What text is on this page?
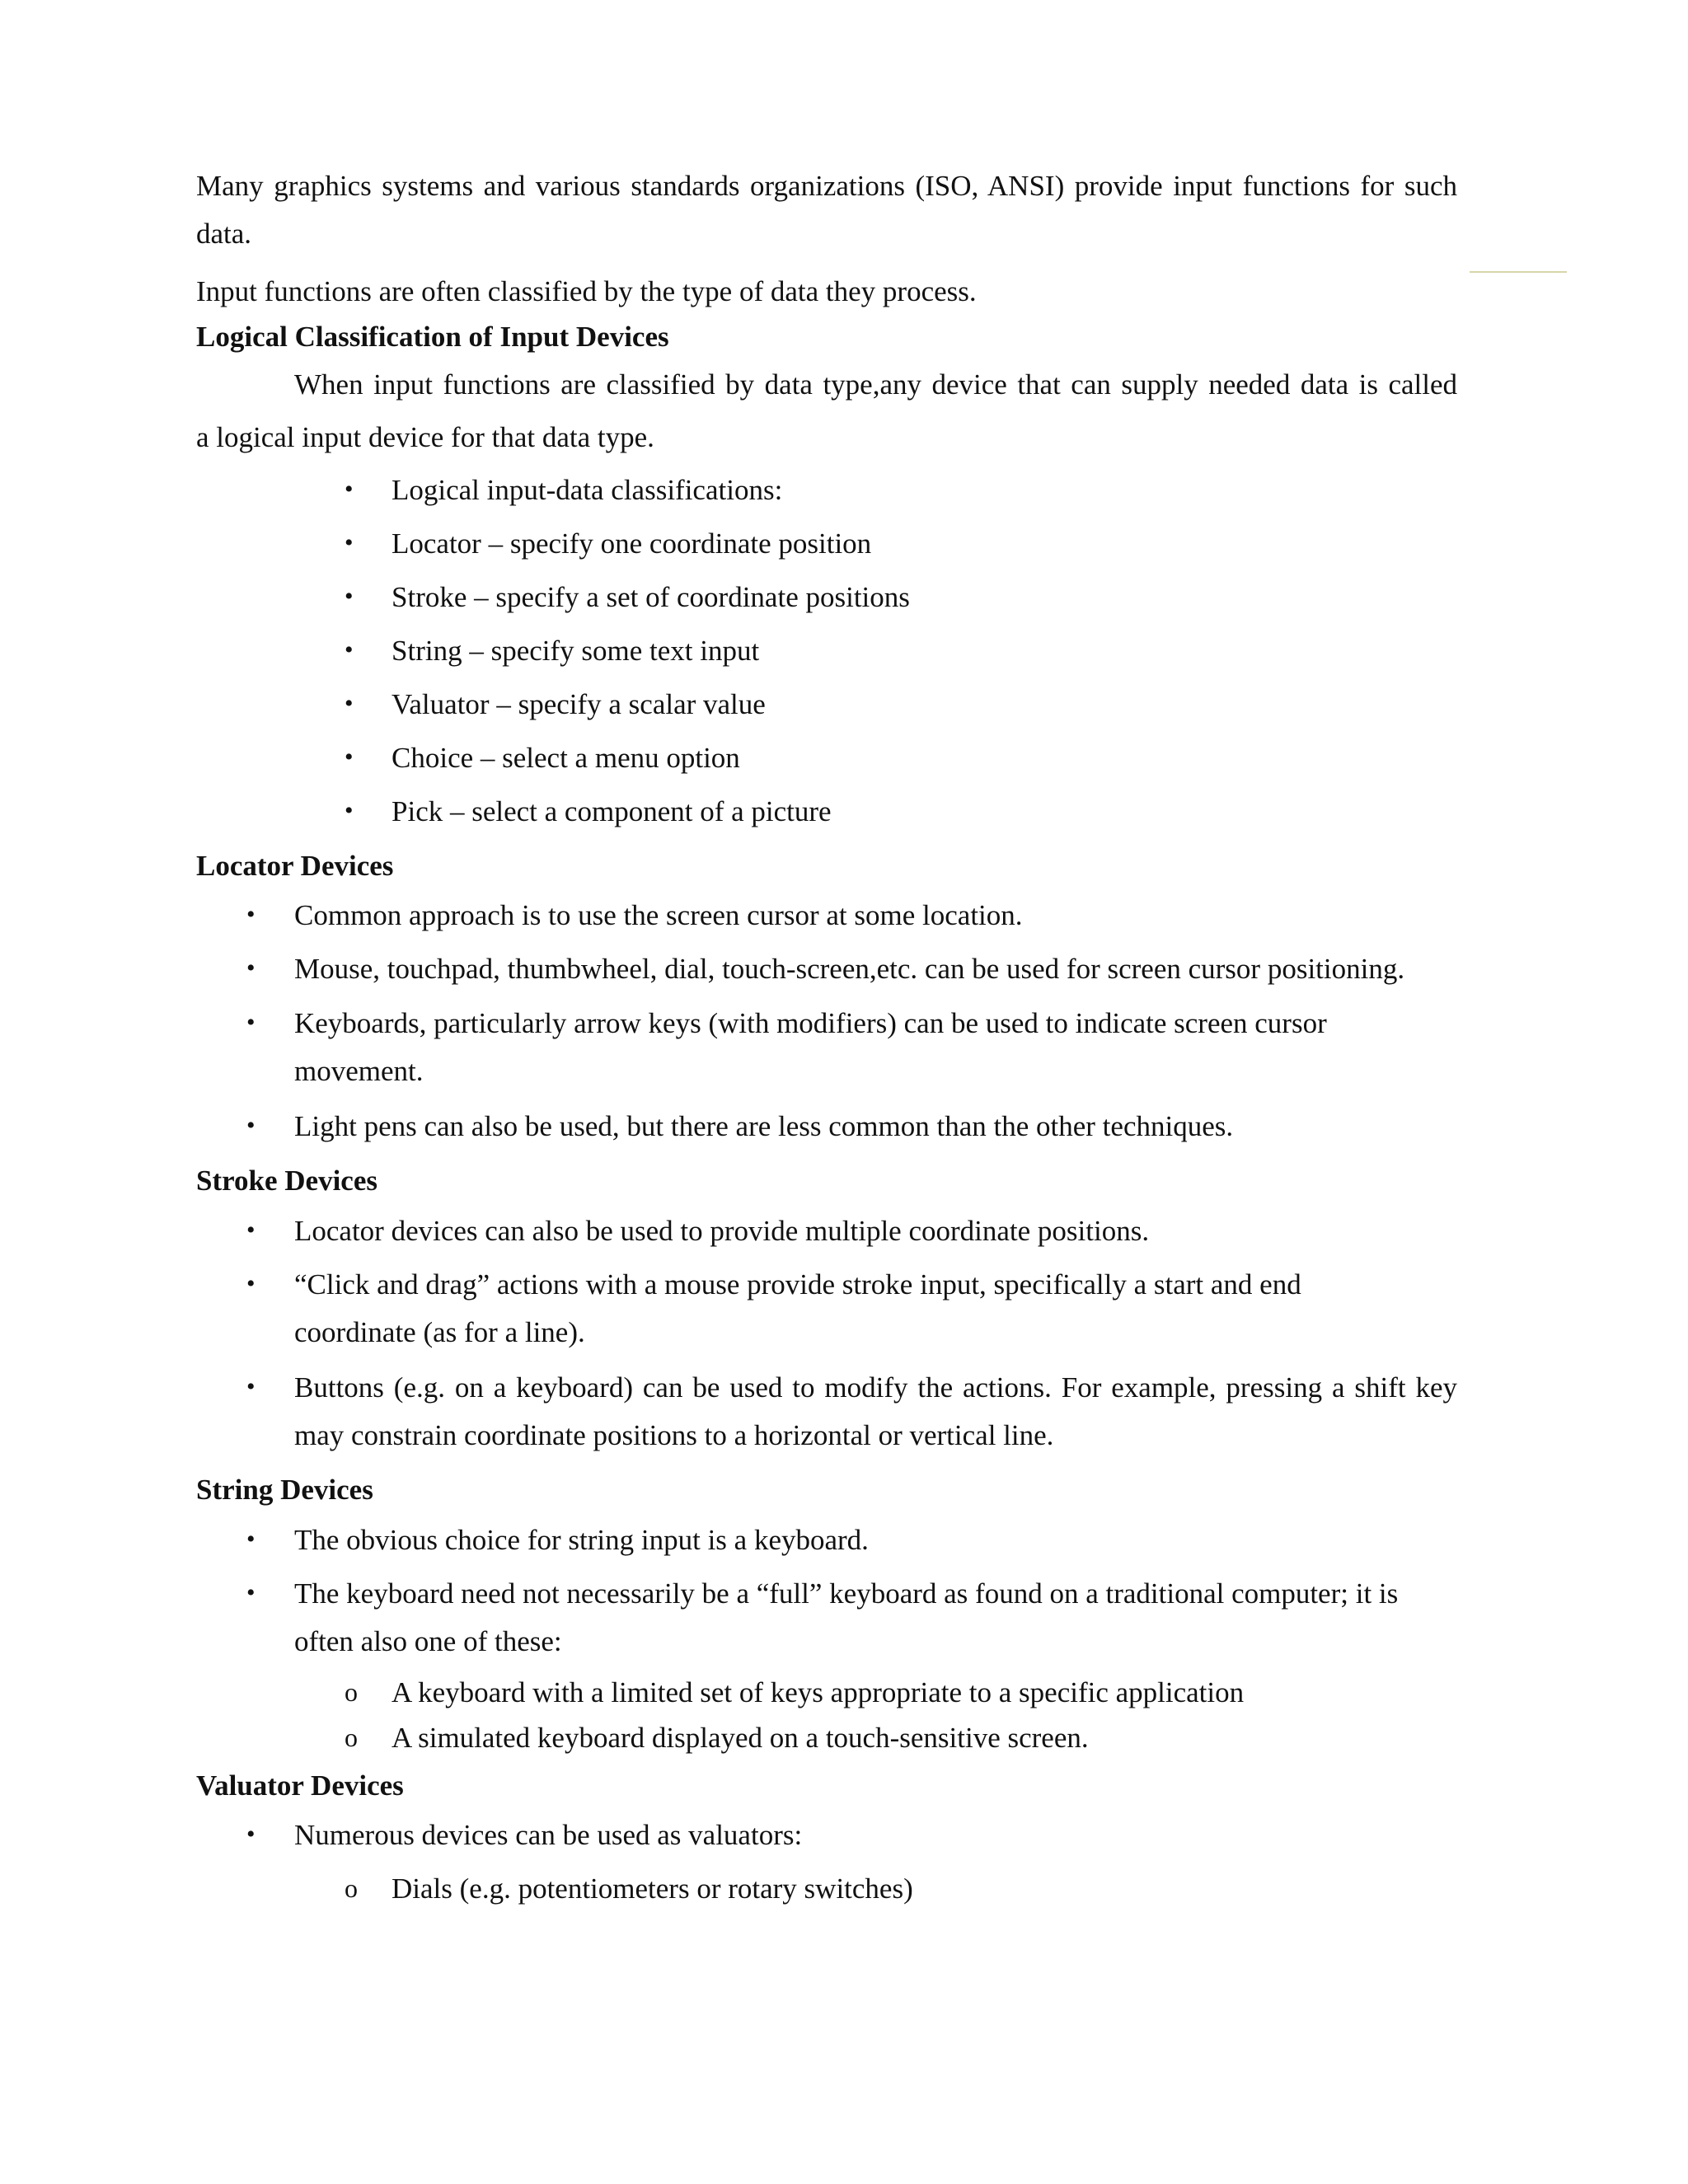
Many graphics systems and various standards organizations (ISO, ANSI) provide input functions for such
data.
Input functions are often classified by the type of data they process.
Logical Classification of Input Devices
When input functions are classified by data type,any device that can supply needed data is called
a logical input device for that data type.
• Logical input-data classifications:
• Locator – specify one coordinate position
• Stroke – specify a set of coordinate positions
• String – specify some text input
• Valuator – specify a scalar value
• Choice – select a menu option
• Pick – select a component of a picture
Locator Devices
• Common approach is to use the screen cursor at some location.
• Mouse, touchpad, thumbwheel, dial, touch-screen,etc. can be used for screen cursor positioning.
• Keyboards, particularly arrow keys (with modifiers) can be used to indicate screen cursor
movement.
• Light pens can also be used, but there are less common than the other techniques.
Stroke Devices
• Locator devices can also be used to provide multiple coordinate positions.
• “Click and drag” actions with a mouse provide stroke input, specifically a start and end
coordinate (as for a line).
• Buttons (e.g. on a keyboard) can be used to modify the actions. For example, pressing a shift key
may constrain coordinate positions to a horizontal or vertical line.
String Devices
• The obvious choice for string input is a keyboard.
• The keyboard need not necessarily be a “full” keyboard as found on a traditional computer; it is
often also one of these:
o A keyboard with a limited set of keys appropriate to a specific application
o A simulated keyboard displayed on a touch-sensitive screen.
Valuator Devices
• Numerous devices can be used as valuators:
o Dials (e.g. potentiometers or rotary switches)
